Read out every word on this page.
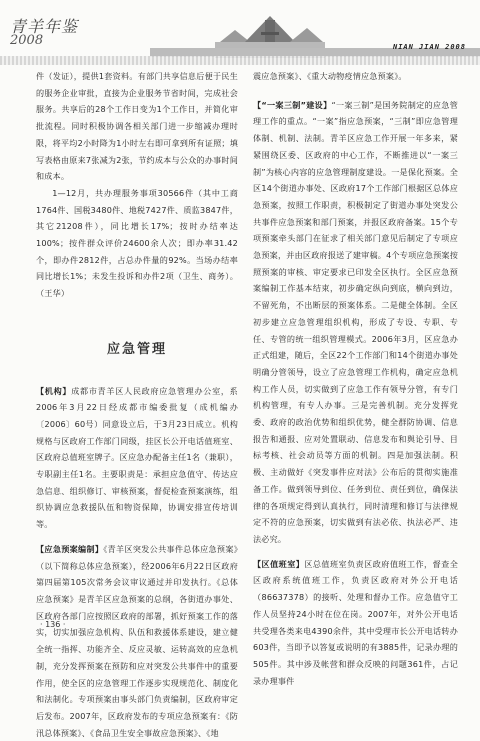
青羊年鉴
2008	NIAN JIAN 2008

件（发证），提供1套资料。有部门共享信息后便于民生的服务企业审批，直接为企业服务节省时间，完成社会服务。共享后的28个工作日变为1个工作日，并简化审批流程。同时积极协调各相关部门进一步缩减办理时限，将平均2小时降为1小时左右即可拿到所有证照；填写表格由原来7张减为2张，节约成本与公众的办事时间和成本。

1—12月，共办理服务事项30566件（其中工商1764件、国税3480件、地税7427件、质监3847件，其它21208件），同比增长17%；按时办结率达100%；按件群众评价24600余人次；即办率31.42个，即办件2812件，占总办件量的92%。当场办结率同比增长1%；未发生投诉和办件2项（卫生、商务）。（王华）

应急管理

【机构】成都市青羊区人民政府应急管理办公室，系2006年3月22日经成都市编委批复（成机编办〔2006〕60号）同意设立后，于3月23日成立。机构规格与区政府工作部门同级，挂区长公开电话值班室、区政府总值班室牌子。区应急办配备主任1名（兼职），专职副主任1名。主要职责是：承担应急值守、传达应急信息、组织修订、审核预案，督促检查预案演练，组织协调应急救援队伍和物资保障，协调安排宣传培训等。

【应急预案编制】《青羊区突发公共事件总体应急预案》（以下简称总体应急预案），经2006年6月22日区政府第四届第105次常务会议审议通过并印发执行。《总体应急预案》是青羊区应急预案的总纲，各街道办事处、区政府各部门应按照区政府的部署，抓好预案工作的落实，切实加强应急机构、队伍和救援体系建设，建立健全统一指挥、功能齐全、反应灵敏、运转高效的应急机制，充分发挥预案在预防和应对突发公共事件中的重要作用，使全区的应急管理工作逐步实现规范化、制度化和法制化。专项预案由事头部门负责编制，区政府审定后发布。2007年，区政府发布的专项应急预案有：《防汛总体预案》、《食品卫生安全事故应急预案》、《地

震应急预案》、《重大动物疫情应急预案》。

【“一案三制”建设】“一案三制”是国务院制定的应急管理工作的重点。“一案”指应急预案，“三制”即应急管理体制、机制、法制。青羊区应急工作开展一年多来，紧紧围绕区委、区政府的中心工作，不断推进以“一案三制”为核心内容的应急管理制度建设。一是保化预案。全区14个街道办事处、区政府17个工作部门根据区总体应急预案，按照工作职责，积极制定了街道办事处突发公共事件应急预案和部门预案，并报区政府备案。15个专项预案牵头部门在征求了相关部门意见后制定了专项应急预案，并由区政府报送了建审稿。4个专项应急预案按照预案的审核、审定要求已印发全区执行。全区应急预案编制工作基本结束，初步确定纵向到底，横向到边，不留死角，不出断层的预案体系。二是健全体制。全区初步建立应急管理组织机构，形成了专设、专职、专任、专管的统一组织管理模式。2006年3月，区应急办正式组建，随后，全区22个工作部门和14个街道办事处明确分管领导，设立了应急管理工作机构，确定应急机构工作人员，切实做到了应急工作有领导分管，有专门机构管理，有专人办事。三是完善机制。充分发挥党委、政府的政治优势和组织优势，健全群防协调、信息报告和通报、应对处置联动、信息发布和舆论引导、目标考核、社会动员等方面的机制。四是加强法制。积极、主动做好《突发事件应对法》公布后的贯彻实施准备工作。做到领导到位、任务到位、责任到位，确保法律的各项规定得到认真执行，同时清理和修订与法律规定不符的应急预案，切实做到有法必依、执法必严、违法必究。

【区值班室】区总值班室负责区政府值班工作，督查全区政府系统值班工作，负责区政府对外公开电话（86637378）的接听、处理和督办工作。应急值守工作人员坚持24小时在位在岗。2007年，对外公开电话共受理各类来电4390余件，其中受理市长公开电话转办603件，当即予以答复或说明的有3885件，记录办理的505件。其中涉及帐营和群众反映的问题361件，占记录办理事件

· 136 ·
